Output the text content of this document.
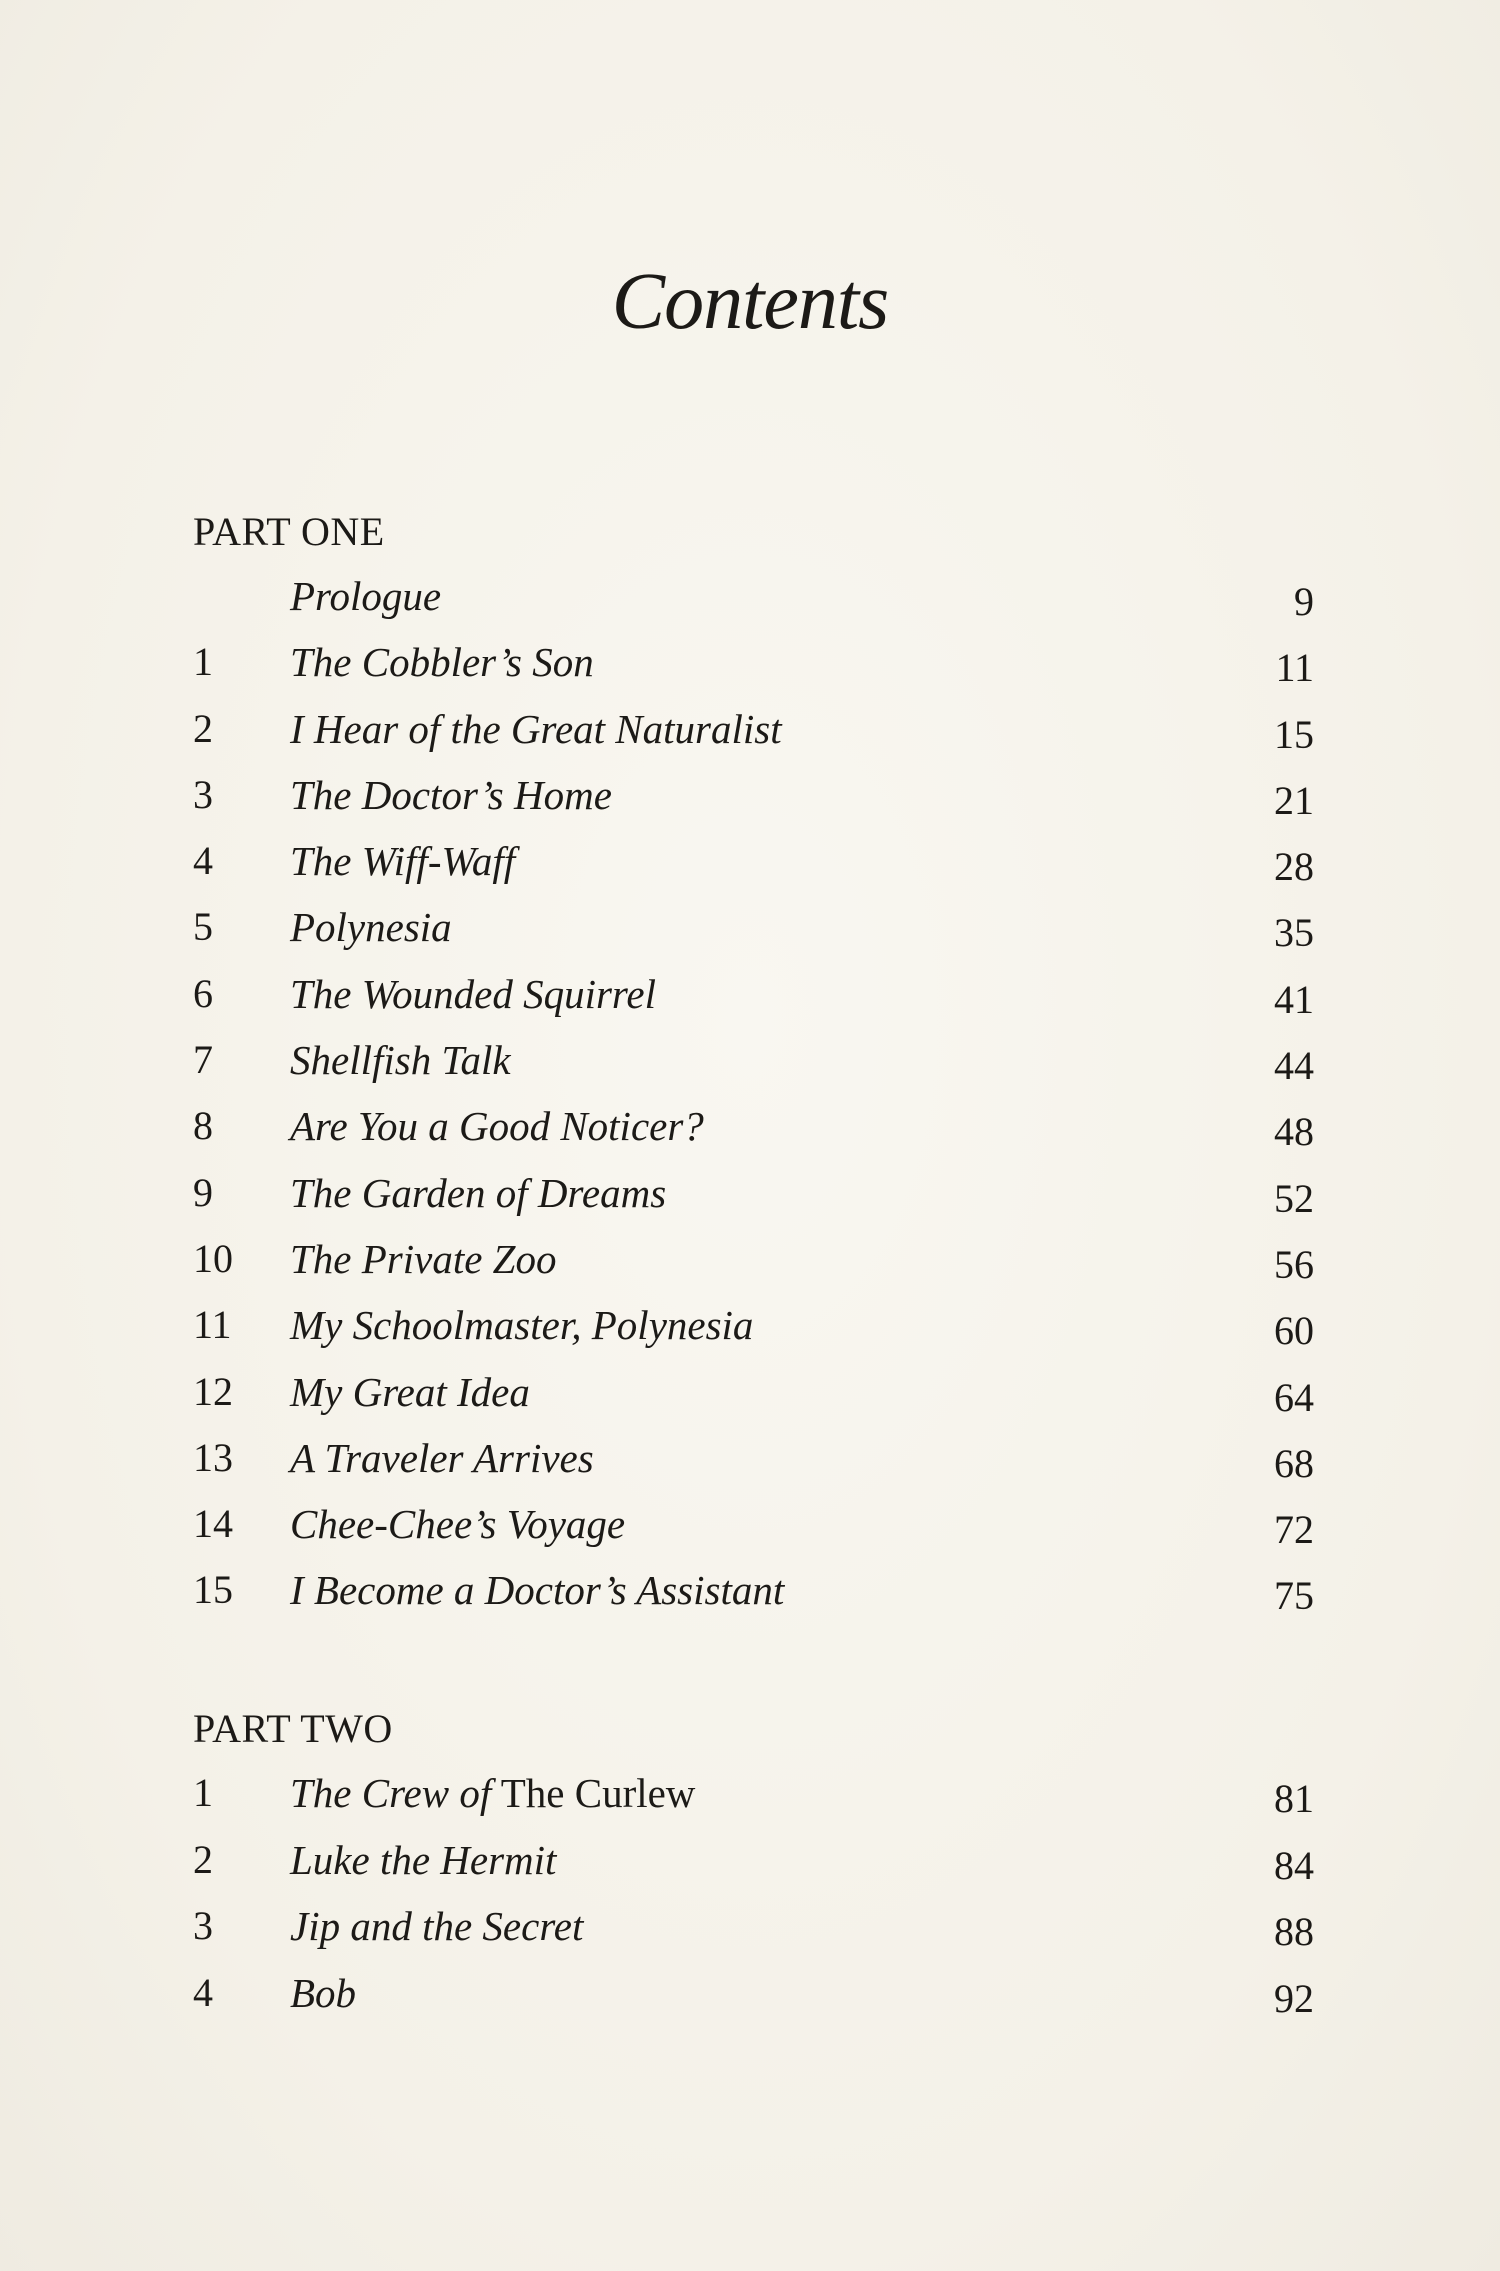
Contents
PART ONE
Prologue	9
1 The Cobbler’s Son	11
2 I Hear of the Great Naturalist	15
3 The Doctor’s Home	21
4 The Wiff-Waff	28
5 Polynesia	35
6 The Wounded Squirrel	41
7 Shellfish Talk	44
8 Are You a Good Noticer?	48
9 The Garden of Dreams	52
10 The Private Zoo	56
11 My Schoolmaster, Polynesia	60
12 My Great Idea	64
13 A Traveler Arrives	68
14 Chee-Chee’s Voyage	72
15 I Become a Doctor’s Assistant	75
PART TWO
1 The Crew of The Curlew	81
2 Luke the Hermit	84
3 Jip and the Secret	88
4 Bob	92
